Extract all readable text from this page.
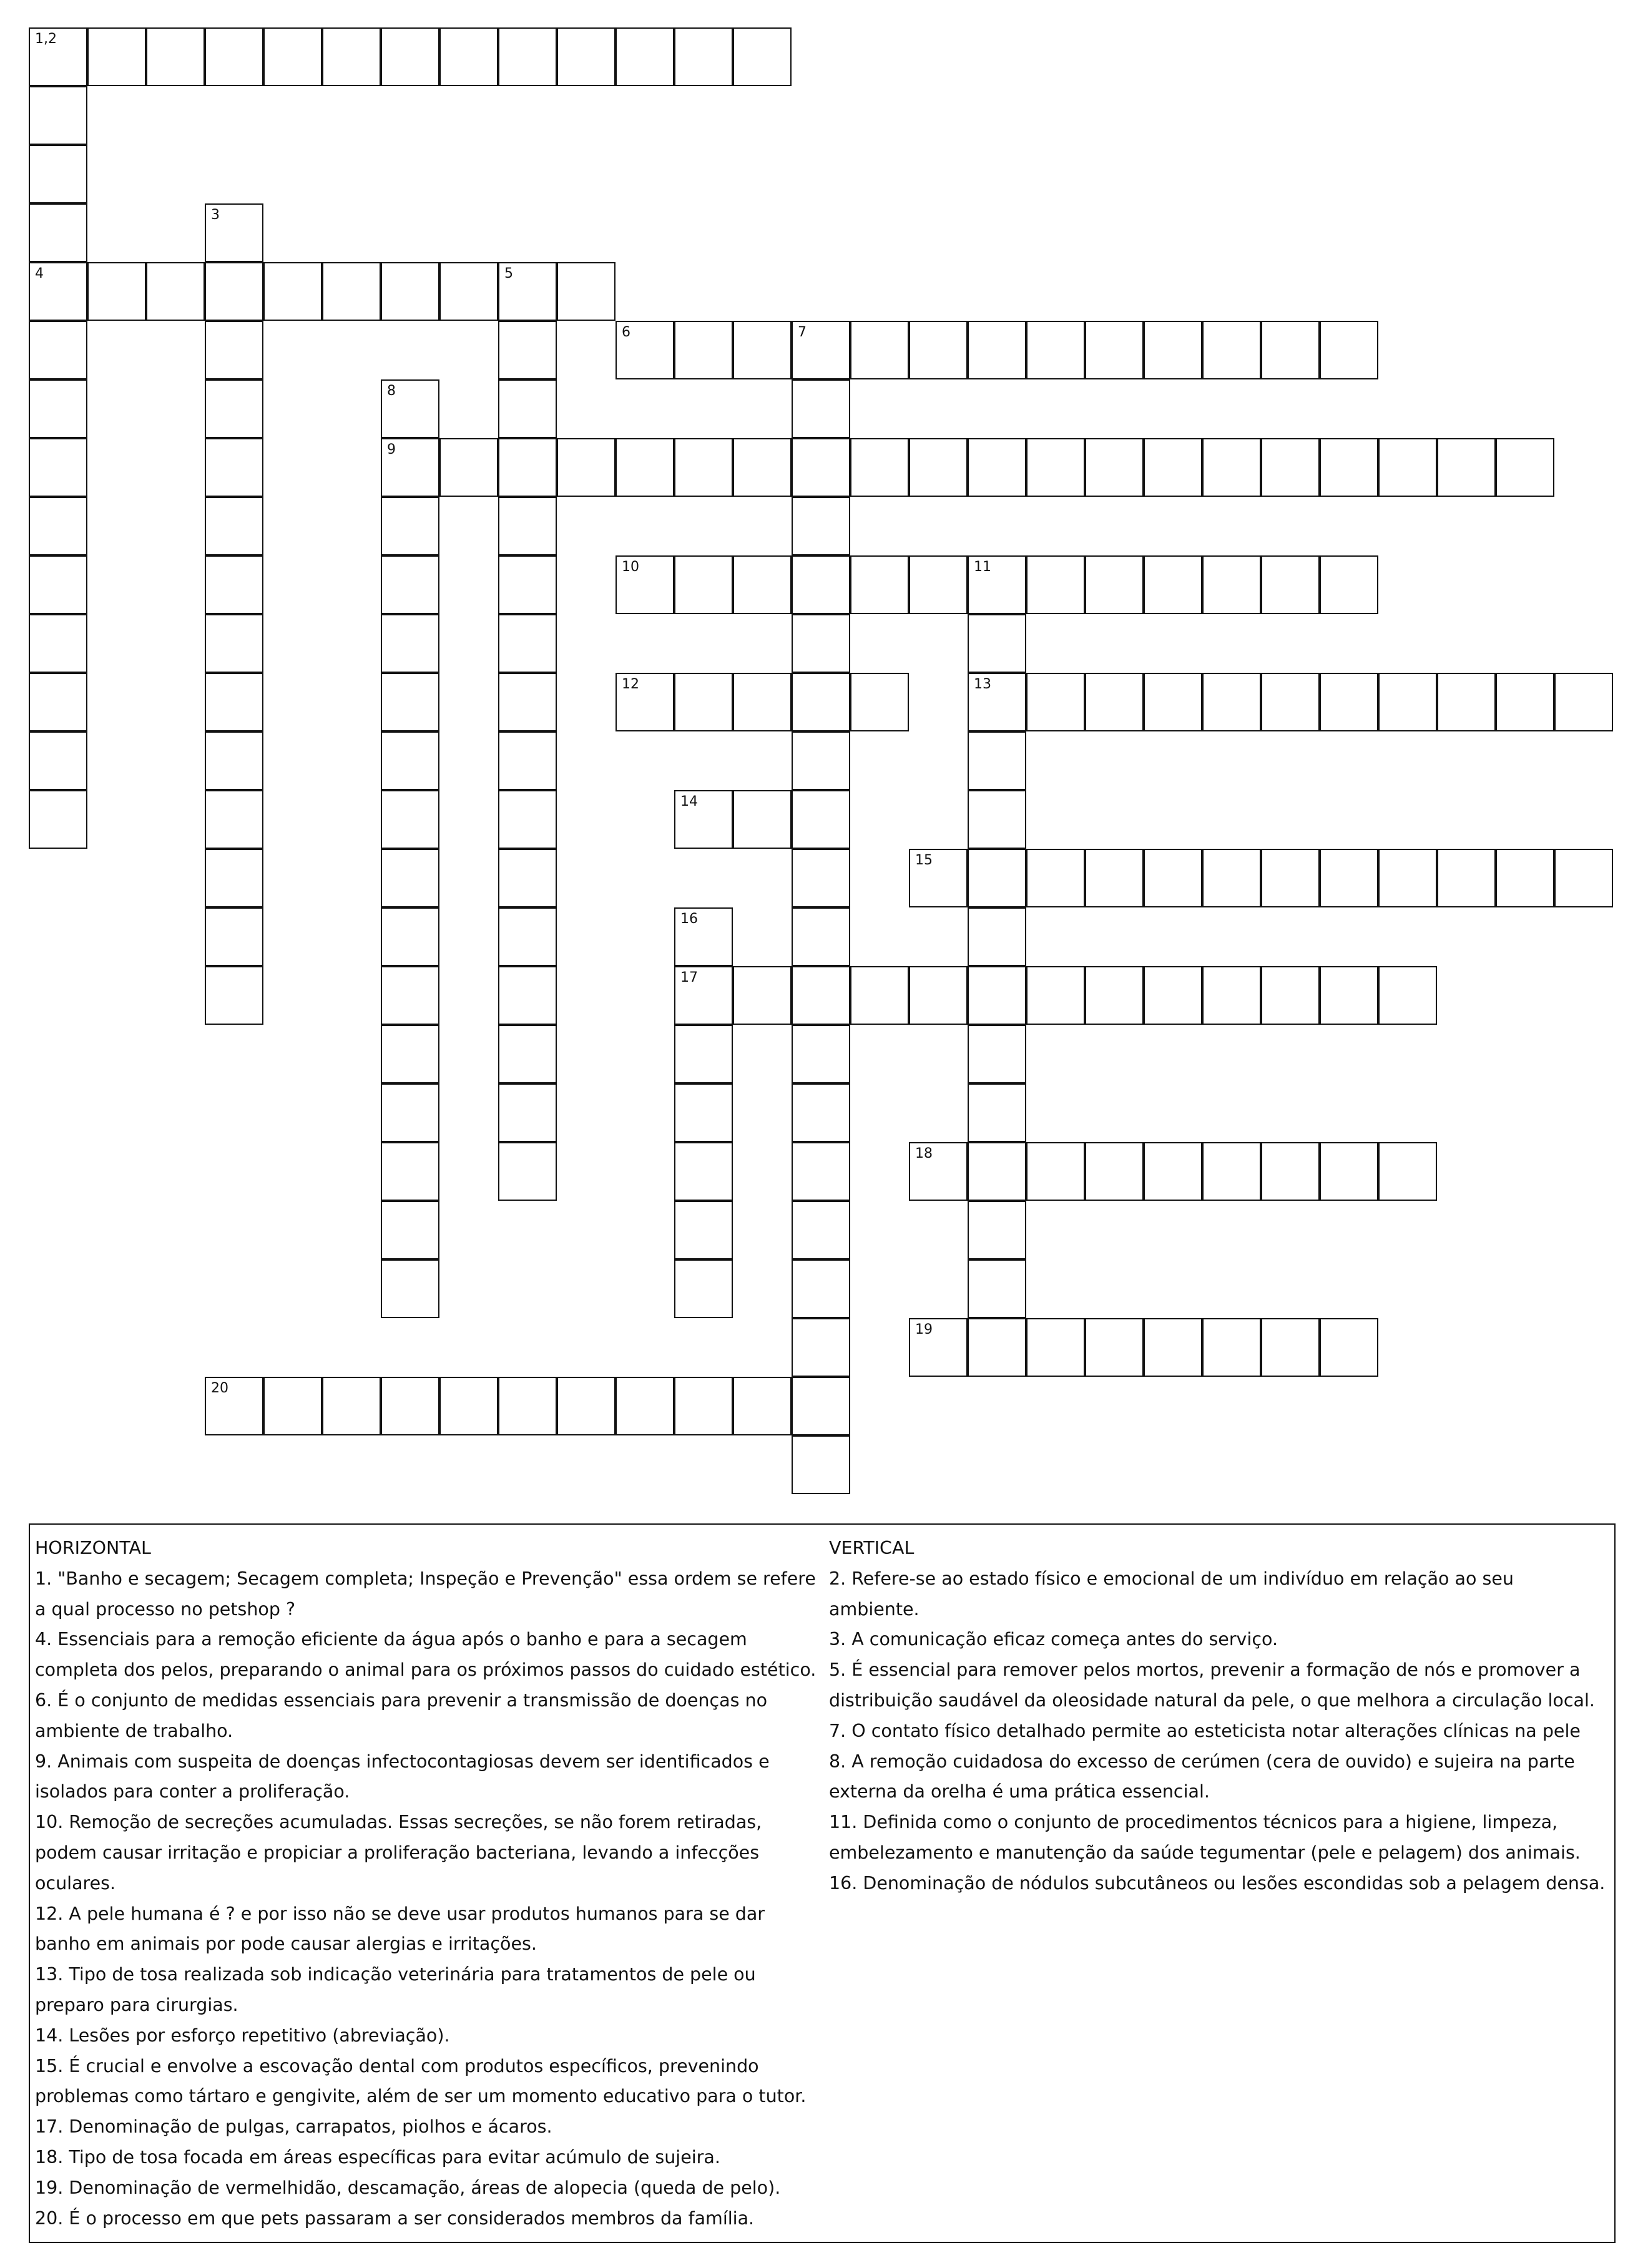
1,2
4
3
5
6	7
8
9
10	11
13
12
14
15
16
17
18
19
20
HORIZONTAL

1. "Banho e secagem; Secagem completa; Inspeção e Prevenção" essa ordem se refere a qual processo no petshop ?

4. Essenciais para a remoção eficiente da água após o banho e para a secagem completa dos pelos, preparando o animal para os próximos passos do cuidado estético.

6. É o conjunto de medidas essenciais para prevenir a transmissão de doenças no ambiente de trabalho.

9. Animais com suspeita de doenças infectocontagiosas devem ser identificados e isolados para conter a proliferação.

10. Remoção de secreções acumuladas. Essas secreções, se não forem retiradas, podem causar irritação e propiciar a proliferação bacteriana, levando a infecções oculares.

12. A pele humana é ? e por isso não se deve usar produtos humanos para se dar banho em animais por pode causar alergias e irritações.

13. Tipo de tosa realizada sob indicação veterinária para tratamentos de pele ou preparo para cirurgias.

14. Lesões por esforço repetitivo (abreviação).

15. É crucial e envolve a escovação dental com produtos específicos, prevenindo problemas como tártaro e gengivite, além de ser um momento educativo para o tutor.

17. Denominação de pulgas, carrapatos, piolhos e ácaros.

18. Tipo de tosa focada em áreas específicas para evitar acúmulo de sujeira.

19. Denominação de vermelhidão, descamação, áreas de alopecia (queda de pelo).

20. É o processo em que pets passaram a ser considerados membros da família.

VERTICAL

2. Refere-se ao estado físico e emocional de um indivíduo em relação ao seu ambiente.

3. A comunicação eficaz começa antes do serviço.

5. É essencial para remover pelos mortos, prevenir a formação de nós e promover a distribuição saudável da oleosidade natural da pele, o que melhora a circulação local.

7. O contato físico detalhado permite ao esteticista notar alterações clínicas na pele

8. A remoção cuidadosa do excesso de cerúmen (cera de ouvido) e sujeira na parte externa da orelha é uma prática essencial.

11. Definida como o conjunto de procedimentos técnicos para a higiene, limpeza, embelezamento e manutenção da saúde tegumentar (pele e pelagem) dos animais.

16. Denominação de nódulos subcutâneos ou lesões escondidas sob a pelagem densa.
